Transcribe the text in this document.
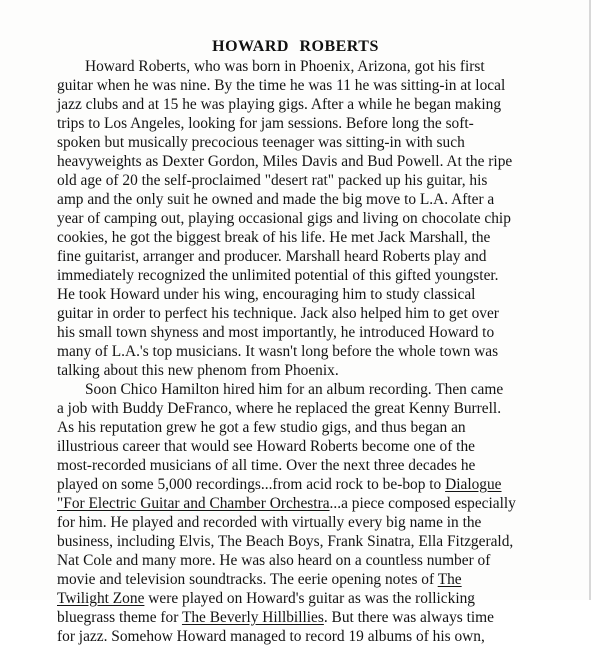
HOWARD ROBERTS
Howard Roberts, who was born in Phoenix, Arizona, got his first
guitar when he was nine. By the time he was 11 he was sitting-in at local
jazz clubs and at 15 he was playing gigs. After a while he began making
trips to Los Angeles, looking for jam sessions. Before long the soft-
spoken but musically precocious teenager was sitting-in with such
heavyweights as Dexter Gordon, Miles Davis and Bud Powell. At the ripe
old age of 20 the self-proclaimed "desert rat" packed up his guitar, his
amp and the only suit he owned and made the big move to L.A. After a
year of camping out, playing occasional gigs and living on chocolate chip
cookies, he got the biggest break of his life. He met Jack Marshall, the
fine guitarist, arranger and producer. Marshall heard Roberts play and
immediately recognized the unlimited potential of this gifted youngster.
He took Howard under his wing, encouraging him to study classical
guitar in order to perfect his technique. Jack also helped him to get over
his small town shyness and most importantly, he introduced Howard to
many of L.A.'s top musicians. It wasn't long before the whole town was
talking about this new phenom from Phoenix.
Soon Chico Hamilton hired him for an album recording. Then came
a job with Buddy DeFranco, where he replaced the great Kenny Burrell.
As his reputation grew he got a few studio gigs, and thus began an
illustrious career that would see Howard Roberts become one of the
most-recorded musicians of all time. Over the next three decades he
played on some 5,000 recordings...from acid rock to be-bop to Dialogue
"For Electric Guitar and Chamber Orchestra...a piece composed especially
for him. He played and recorded with virtually every big name in the
business, including Elvis, The Beach Boys, Frank Sinatra, Ella Fitzgerald,
Nat Cole and many more. He was also heard on a countless number of
movie and television soundtracks. The eerie opening notes of The
Twilight Zone were played on Howard's guitar as was the rollicking
bluegrass theme for The Beverly Hillbillies. But there was always time
for jazz. Somehow Howard managed to record 19 albums of his own,
